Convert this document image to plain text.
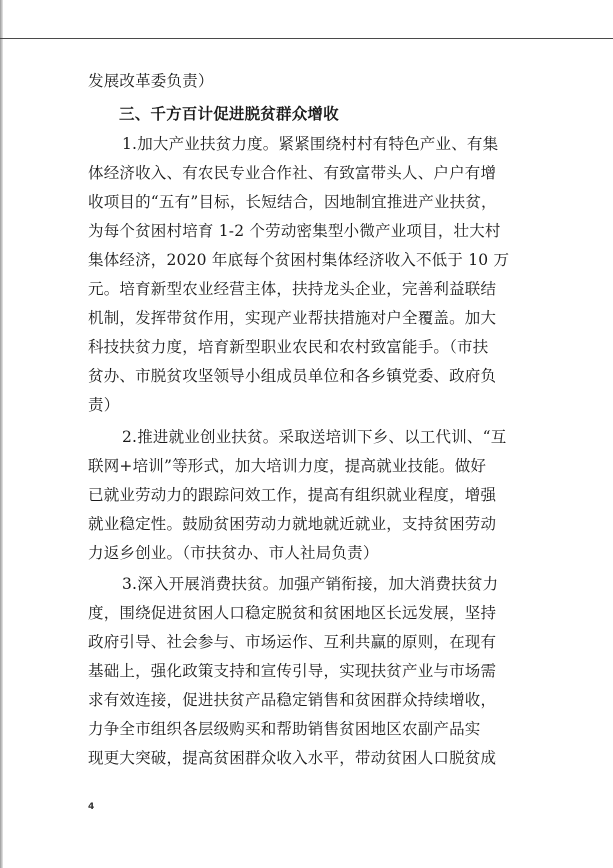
发展改革委负责）
三、千方百计促进脱贫群众增收
1.加大产业扶贫力度。紧紧围绕村村有特色产业、有集
体经济收入、有农民专业合作社、有致富带头人、户户有增
收项目的“五有”目标，长短结合，因地制宜推进产业扶贫，
为每个贫困村培育 1-2 个劳动密集型小微产业项目，壮大村
集体经济，2020 年底每个贫困村集体经济收入不低于 10 万
元。培育新型农业经营主体，扶持龙头企业，完善利益联结
机制，发挥带贫作用，实现产业帮扶措施对户全覆盖。加大
科技扶贫力度，培育新型职业农民和农村致富能手。（市扶
贫办、市脱贫攻坚领导小组成员单位和各乡镇党委、政府负
责）
2.推进就业创业扶贫。采取送培训下乡、以工代训、“互
联网+培训”等形式，加大培训力度，提高就业技能。做好
已就业劳动力的跟踪问效工作，提高有组织就业程度，增强
就业稳定性。鼓励贫困劳动力就地就近就业，支持贫困劳动
力返乡创业。（市扶贫办、市人社局负责）
3.深入开展消费扶贫。加强产销衔接，加大消费扶贫力
度，围绕促进贫困人口稳定脱贫和贫困地区长远发展，坚持
政府引导、社会参与、市场运作、互利共赢的原则，在现有
基础上，强化政策支持和宣传引导，实现扶贫产业与市场需
求有效连接，促进扶贫产品稳定销售和贫困群众持续增收，
力争全市组织各层级购买和帮助销售贫困地区农副产品实
现更大突破，提高贫困群众收入水平，带动贫困人口脱贫成
4
